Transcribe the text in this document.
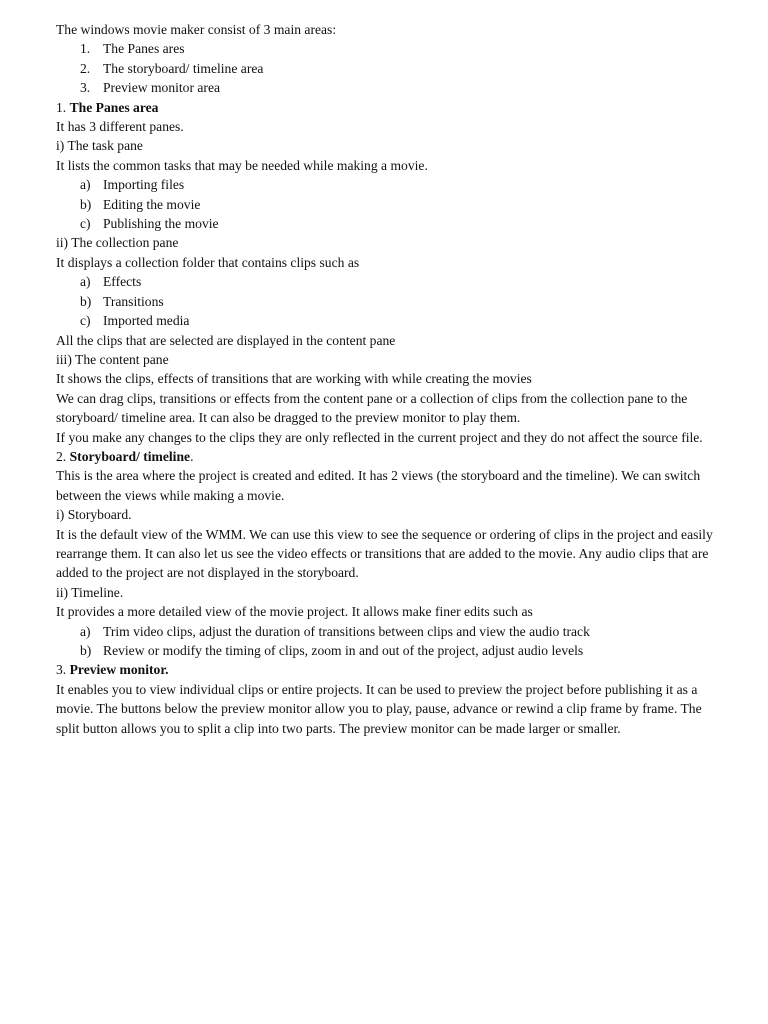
The windows movie maker consist of 3 main areas:
1. The Panes ares
2. The storyboard/ timeline area
3. Preview monitor area
1. The Panes area
It has 3 different panes.
i) The task pane
It lists the common tasks that may be needed while making a movie.
a) Importing files
b) Editing the movie
c) Publishing the movie
ii) The collection pane
It displays a collection folder that contains clips such as
a) Effects
b) Transitions
c) Imported media
All the clips that are selected are displayed in the content pane
iii) The content pane
It shows the clips, effects of transitions that are working with while creating the movies
We can drag clips, transitions or effects from the content pane or a collection of clips from the collection pane to the storyboard/ timeline area. It can also be dragged to the preview monitor to play them.
If you make any changes to the clips they are only reflected in the current project and they do not affect the source file.
2. Storyboard/ timeline.
This is the area where the project is created and edited. It has 2 views (the storyboard and the timeline). We can switch between the views while making a movie.
i) Storyboard.
It is the default view of the WMM. We can use this view to see the sequence or ordering of clips in the project and easily rearrange them. It can also let us see the video effects or transitions that are added to the movie. Any audio clips that are added to the project are not displayed in the storyboard.
ii) Timeline.
It provides a more detailed view of the movie project. It allows make finer edits such as
a) Trim video clips, adjust the duration of transitions between clips and view the audio track
b) Review or modify the timing of clips, zoom in and out of the project, adjust audio levels
3. Preview monitor.
It enables you to view individual clips or entire projects. It can be used to preview the project before publishing it as a movie. The buttons below the preview monitor allow you to play, pause, advance or rewind a clip frame by frame. The split button allows you to split a clip into two parts. The preview monitor can be made larger or smaller.
